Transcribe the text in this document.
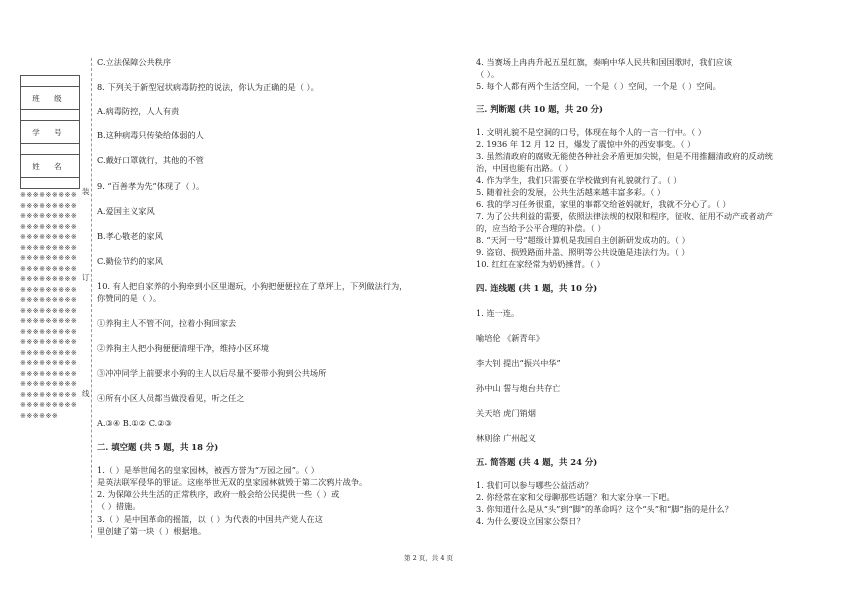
班 级
学 号
姓 名
※※※※※※※※※※※※※※※※※※※※※※※※※※※※※※※※※※※※※※※※※※※※※※※※※※※※※※※※※※※※※※※※※※※※※※※※※※※※※※※※※※※※※※※※※※※※※※※※※※※※※※※※※※※※※※※※※※※※※※※※※※※※※※※※※※※※※※※※※※※※※※※※※※※※※※※※※※※※※※※※※※※※※※※※※※※※※※※※※※※※※※※※※※※※※※※※※※※
装
订
线
C.立法保障公共秩序
8. 下列关于新型冠状病毒防控的说法，你认为正确的是（ ）。
A.病毒防控，人人有责
B.这种病毒只传染给体弱的人
C.戴好口罩就行，其他的不管
9. “百善孝为先”体现了（ ）。
A.爱国主义家风
B.孝心敬老的家风
C.勤俭节约的家风
10. 有人把自家养的小狗牵到小区里遛玩，小狗把便便拉在了草坪上，下列做法行为，
你赞同的是（ ）。
①养狗主人不管不问，拉着小狗回家去
②养狗主人把小狗便便清理干净，维持小区环境
③冲冲同学上前要求小狗的主人以后尽量不要带小狗到公共场所
④所有小区人员都当做没看见，听之任之
A.③④ B.①② C.②③
二. 填空题 (共 5 题，共 18 分)
1.（ ）是举世闻名的皇家园林，被西方誉为“万园之园”。（ ）
是英法联军侵华的罪证。这座举世无双的皇家园林就毁于第二次鸦片战争。
2. 为保障公共生活的正常秩序，政府一般会给公民提供一些（ ）或
（ ）措施。
3.（ ）是中国革命的摇篮，以（ ）为代表的中国共产党人在这
里创建了第一块（ ）根据地。
4. 当赛场上冉冉升起五星红旗，奏响中华人民共和国国歌时，我们应该
（ ）。
5. 每个人都有两个生活空间，一个是（ ）空间，一个是（ ）空间。
三. 判断题 (共 10 题，共 20 分)
1. 文明礼貌不是空洞的口号，体现在每个人的一言一行中。（ ）
2. 1936 年 12 月 12 日，爆发了震惊中外的西安事变。（ ）
3. 虽然清政府的腐败无能使各种社会矛盾更加尖锐，但是不用推翻清政府的反动统
治，中国也能有出路。（ ）
4. 作为学生，我们只需要在学校做到有礼貌就行了。（ ）
5. 随着社会的发展，公共生活越来越丰富多彩。（ ）
6. 我的学习任务很重，家里的事都交给爸妈就好，我就不分心了。（ ）
7. 为了公共利益的需要，依照法律法规的权限和程序，征收、征用不动产或者动产
的，应当给予公平合理的补偿。（ ）
8. “天河一号”超级计算机是我国自主创新研发成功的。（ ）
9. 盗窃、损毁路面井盖、照明等公共设施是违法行为。（ ）
10. 红红在家经常为奶奶捶背。（ ）
四. 连线题 (共 1 题，共 10 分)
1. 连一连。
喻培伦 《新青年》
李大钊 提出“振兴中华”
孙中山 誓与炮台共存亡
关天培 虎门销烟
林则徐 广州起义
五. 简答题 (共 4 题，共 24 分)
1. 我们可以参与哪些公益活动？
2. 你经常在家和父母聊那些话题？和大家分享一下吧。
3. 你知道什么是从“头”到“脚”的革命吗？这个“头”和“脚”指的是什么？
4. 为什么要设立国家公祭日？
第 2 页，共 4 页
